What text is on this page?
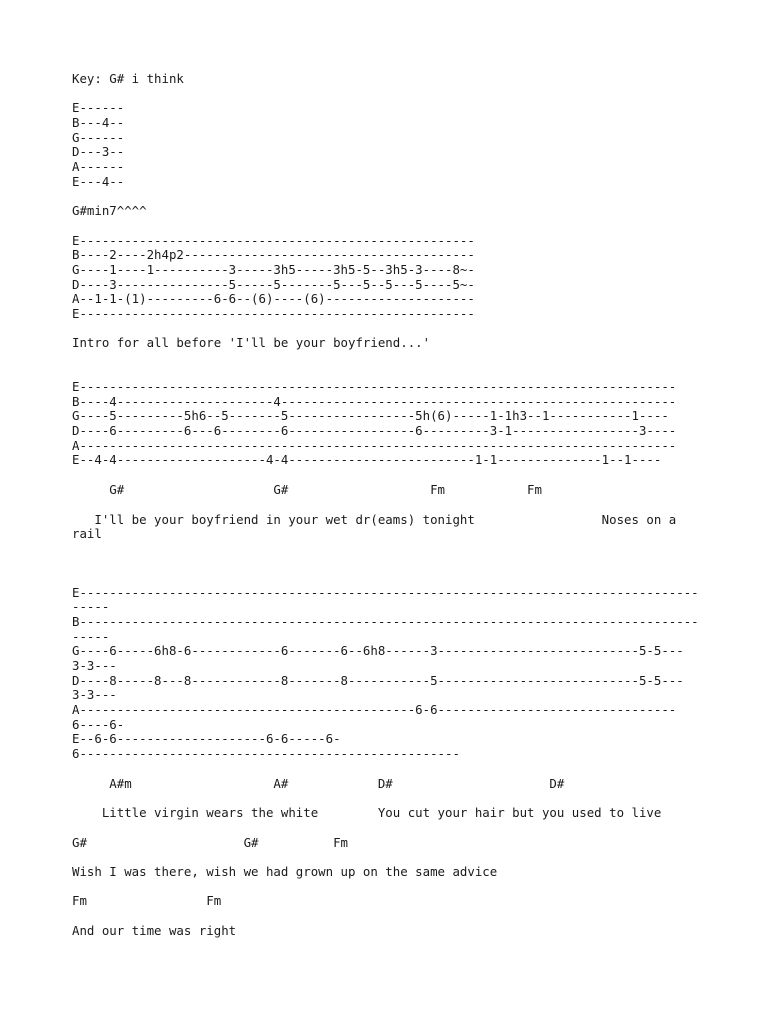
Key: G# i think
E------
B---4--
G------
D---3--
A------
E---4--
G#min7^^^^
E-----------------------------------------------------
B----2----2h4p2---------------------------------------
G----1----1----------3-----3h5-----3h5-5--3h5-3----8~-
D----3---------------5-----5-------5---5--5---5----5~-
A--1-1-(1)---------6-6--(6)----(6)--------------------
E-----------------------------------------------------
Intro for all before 'I'll be your boyfriend...'
E--------------------------------------------------------------------------------
B----4---------------------4-----------------------------------------------------
G----5---------5h6--5-------5-----------------5h(6)-----1-1h3--1-----------1----
D----6---------6---6--------6-----------------6---------3-1-----------------3----
A--------------------------------------------------------------------------------
E--4-4--------------------4-4-------------------------1-1--------------1--1----
G#                    G#                   Fm           Fm
I'll be your boyfriend in your wet dr(eams) tonight                 Noses on a
rail
E-----------------------------------------------------------------------------------
-----
B-----------------------------------------------------------------------------------
-----
G----6-----6h8-6------------6-------6--6h8------3---------------------------5-5---
3-3---
D----8-----8---8------------8-------8-----------5---------------------------5-5---
3-3---
A---------------------------------------------6-6--------------------------------
6----6-
E--6-6--------------------6-6-----6-
6---------------------------------------------------
A#m                   A#            D#                     D#
Little virgin wears the white        You cut your hair but you used to live
G#                     G#          Fm
Wish I was there, wish we had grown up on the same advice
Fm                Fm
And our time was right
